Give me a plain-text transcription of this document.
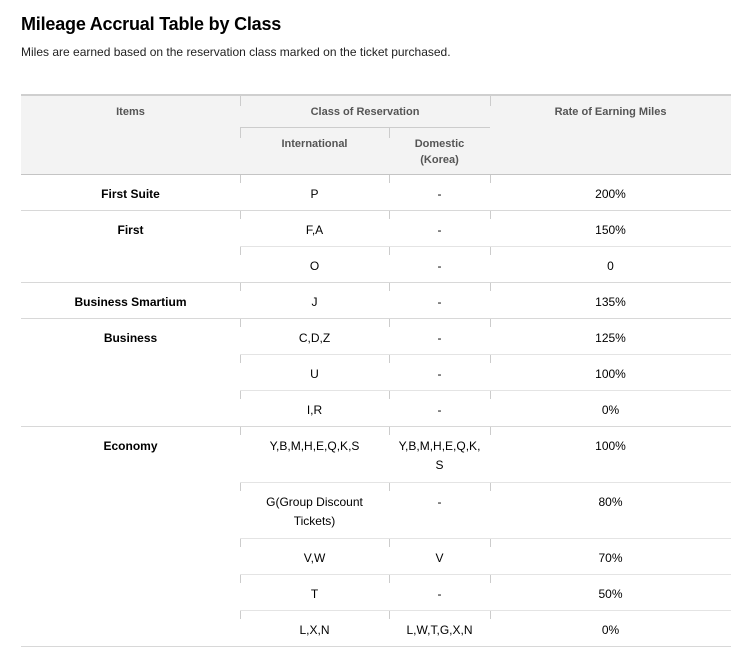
Mileage Accrual Table by Class

Miles are earned based on the reservation class marked on the ticket purchased.

Items	Class of Reservation		Rate of Earning Miles

	International	Domestic
(Korea)	

First Suite	P	-	200%
First	F,A	-	150%
	O	-	0
Business Smartium	J	-	135%
Business	C,D,Z	-	125%
	U	-	100%
	I,R	-	0%
Economy	Y,B,M,H,E,Q,K,S	Y,B,M,H,E,Q,K, S	100%
	G(Group Discount Tickets)	-	80%
	V,W	V	70%
	T	-	50%
	L,X,N	L,W,T,G,X,N	0%
